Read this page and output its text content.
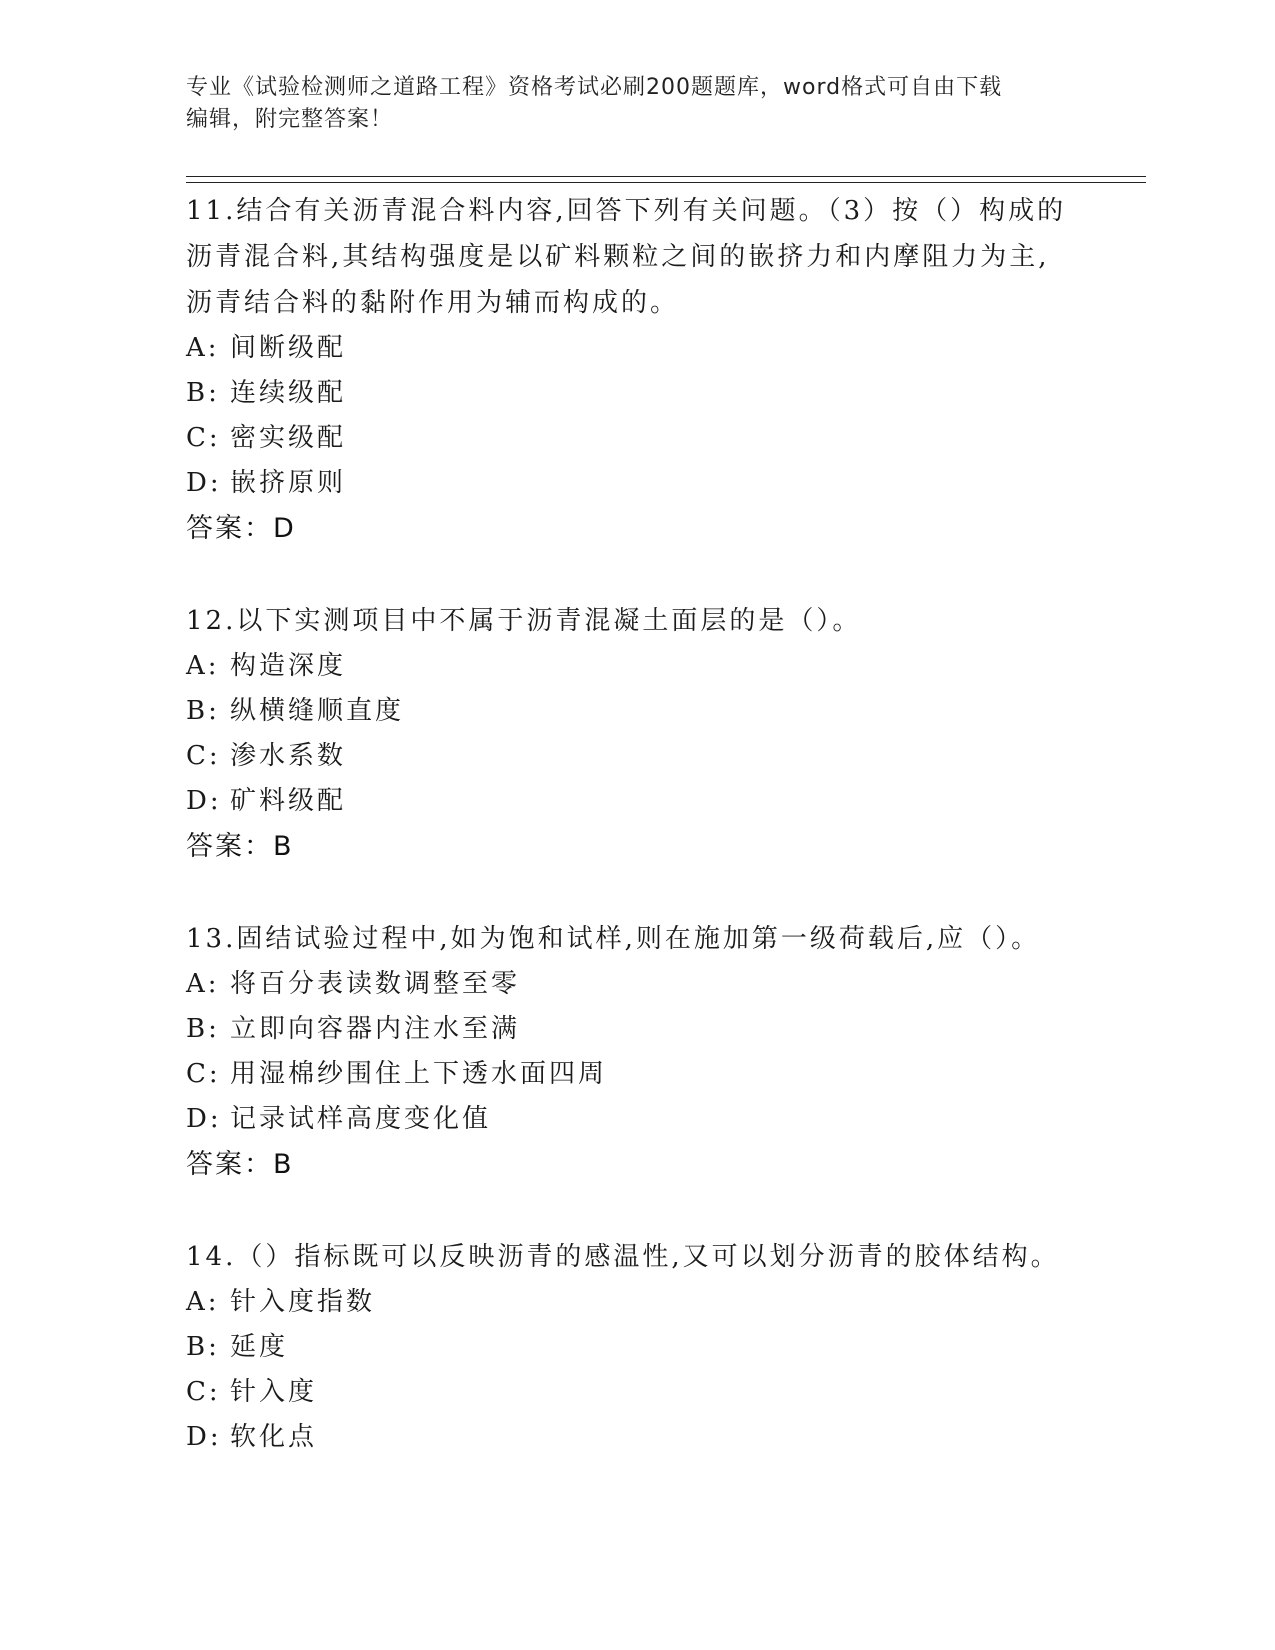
专业《试验检测师之道路工程》资格考试必刷200题题库，word格式可自由下载
编辑，附完整答案！
11.结合有关沥青混合料内容,回答下列有关问题。（3）按（）构成的
沥青混合料,其结构强度是以矿料颗粒之间的嵌挤力和内摩阻力为主,
沥青结合料的黏附作用为辅而构成的。
A: 间断级配
B: 连续级配
C: 密实级配
D: 嵌挤原则
答案：D
12.以下实测项目中不属于沥青混凝土面层的是（）。
A: 构造深度
B: 纵横缝顺直度
C: 渗水系数
D: 矿料级配
答案：B
13.固结试验过程中,如为饱和试样,则在施加第一级荷载后,应（）。
A: 将百分表读数调整至零
B: 立即向容器内注水至满
C: 用湿棉纱围住上下透水面四周
D: 记录试样高度变化值
答案：B
14.（）指标既可以反映沥青的感温性,又可以划分沥青的胶体结构。
A: 针入度指数
B: 延度
C: 针入度
D: 软化点
